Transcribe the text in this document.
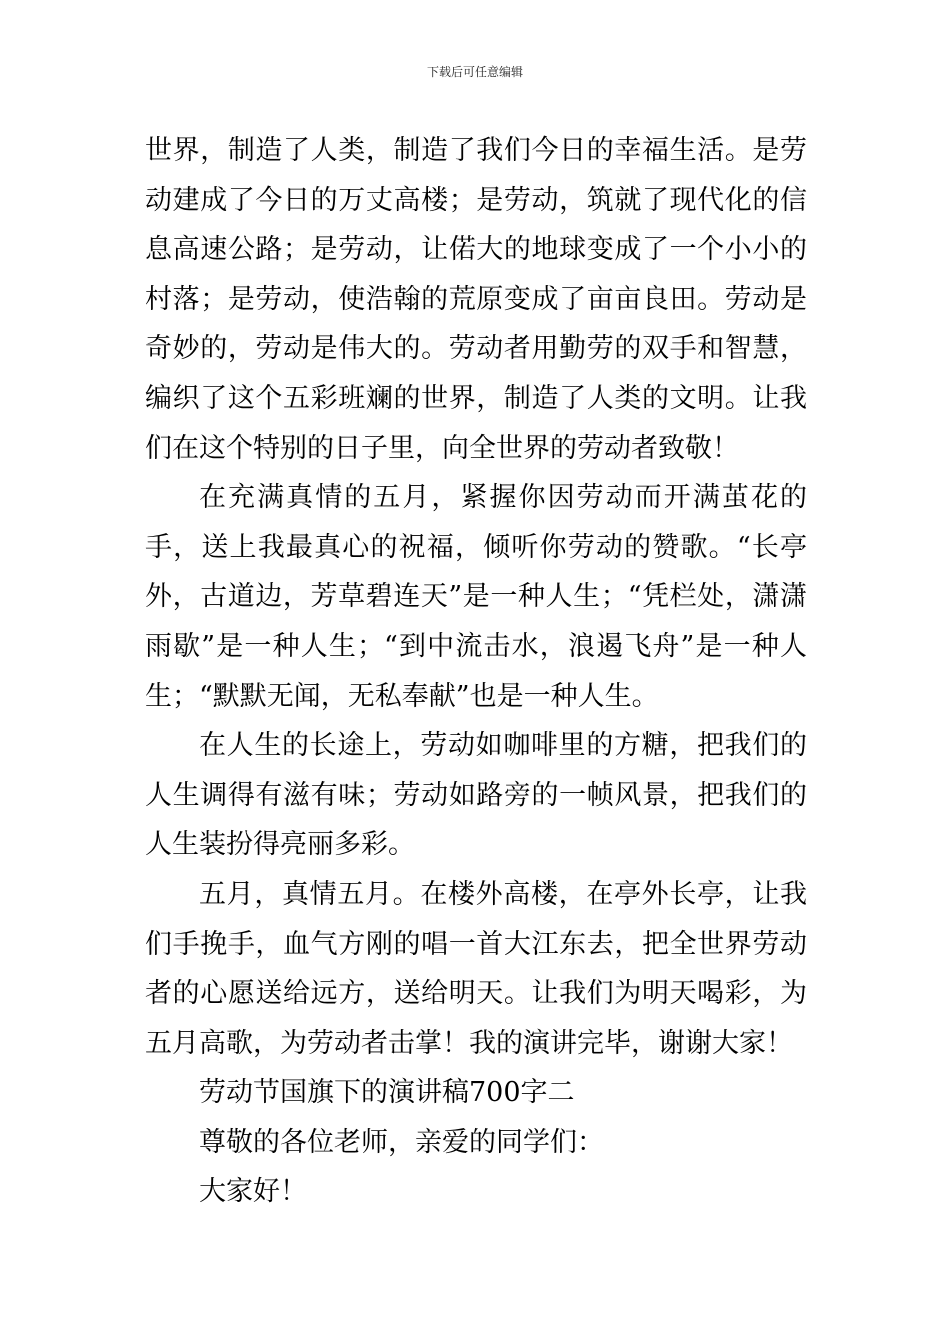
下载后可任意编辑

世界，制造了人类，制造了我们今日的幸福生活。是劳动建成了今日的万丈高楼；是劳动，筑就了现代化的信息高速公路；是劳动，让偌大的地球变成了一个小小的村落；是劳动，使浩翰的荒原变成了亩亩良田。劳动是奇妙的，劳动是伟大的。劳动者用勤劳的双手和智慧，编织了这个五彩班斓的世界，制造了人类的文明。让我们在这个特别的日子里，向全世界的劳动者致敬！

在充满真情的五月，紧握你因劳动而开满茧花的手，送上我最真心的祝福，倾听你劳动的赞歌。“长亭外，古道边，芳草碧连天”是一种人生；“凭栏处，潇潇雨歇”是一种人生；“到中流击水，浪遏飞舟”是一种人生；“默默无闻，无私奉献”也是一种人生。

在人生的长途上，劳动如咖啡里的方糖，把我们的人生调得有滋有味；劳动如路旁的一帧风景，把我们的人生装扮得亮丽多彩。

五月，真情五月。在楼外高楼，在亭外长亭，让我们手挽手，血气方刚的唱一首大江东去，把全世界劳动者的心愿送给远方，送给明天。让我们为明天喝彩，为五月高歌，为劳动者击掌！我的演讲完毕，谢谢大家！

劳动节国旗下的演讲稿700字二

尊敬的各位老师，亲爱的同学们：

大家好！
